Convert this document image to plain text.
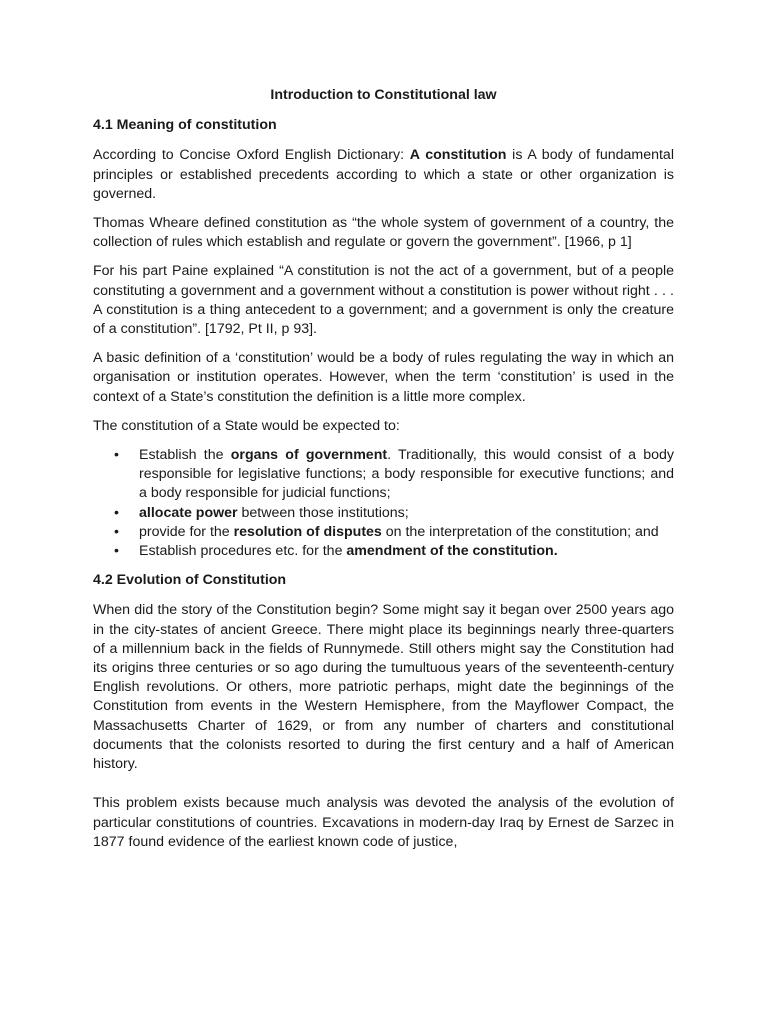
Introduction to Constitutional law
4.1 Meaning of constitution

According to Concise Oxford English Dictionary: A constitution is A body of fundamental principles or established precedents according to which a state or other organization is governed.

Thomas Wheare defined constitution as “the whole system of government of a country, the collection of rules which establish and regulate or govern the government”. [1966, p 1]

For his part Paine explained “A constitution is not the act of a government, but of a people constituting a government and a government without a constitution is power without right . . . A constitution is a thing antecedent to a government; and a government is only the creature of a constitution”. [1792, Pt II, p 93].

A basic definition of a ‘constitution’ would be a body of rules regulating the way in which an organisation or institution operates. However, when the term ‘constitution’ is used in the context of a State’s constitution the definition is a little more complex.

The constitution of a State would be expected to:

• Establish the organs of government. Traditionally, this would consist of a body responsible for legislative functions; a body responsible for executive functions; and a body responsible for judicial functions;
• allocate power between those institutions;
• provide for the resolution of disputes on the interpretation of the constitution; and
• Establish procedures etc. for the amendment of the constitution.
4.2 Evolution of Constitution

When did the story of the Constitution begin? Some might say it began over 2500 years ago in the city-states of ancient Greece. There might place its beginnings nearly three-quarters of a millennium back in the fields of Runnymede. Still others might say the Constitution had its origins three centuries or so ago during the tumultuous years of the seventeenth-century English revolutions. Or others, more patriotic perhaps, might date the beginnings of the Constitution from events in the Western Hemisphere, from the Mayflower Compact, the Massachusetts Charter of 1629, or from any number of charters and constitutional documents that the colonists resorted to during the first century and a half of American history.

This problem exists because much analysis was devoted the analysis of the evolution of particular constitutions of countries. Excavations in modern-day Iraq by Ernest de Sarzec in 1877 found evidence of the earliest known code of justice,
